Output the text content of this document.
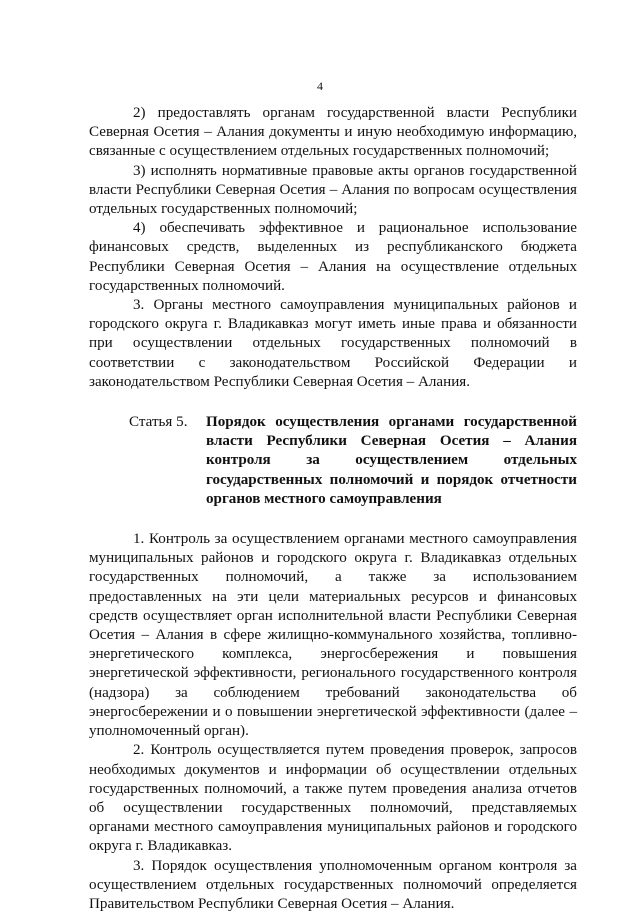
4

2) предоставлять органам государственной власти Республики Северная Осетия – Алания документы и иную необходимую информацию, связанные с осуществлением отдельных государственных полномочий;

3) исполнять нормативные правовые акты органов государственной власти Республики Северная Осетия – Алания по вопросам осуществления отдельных государственных полномочий;

4) обеспечивать эффективное и рациональное использование финансовых средств, выделенных из республиканского бюджета Республики Северная Осетия – Алания на осуществление отдельных государственных полномочий.

3. Органы местного самоуправления муниципальных районов и городского округа г. Владикавказ могут иметь иные права и обязанности при осуществлении отдельных государственных полномочий в соответствии с законодательством Российской Федерации и законодательством Республики Северная Осетия – Алания.

Статья 5.	Порядок осуществления органами государственной власти Республики Северная Осетия – Алания контроля за осуществлением отдельных государственных полномочий и порядок отчетности органов местного самоуправления

1. Контроль за осуществлением органами местного самоуправления муниципальных районов и городского округа г. Владикавказ отдельных государственных полномочий, а также за использованием предоставленных на эти цели материальных ресурсов и финансовых средств осуществляет орган исполнительной власти Республики Северная Осетия – Алания в сфере жилищно-коммунального хозяйства, топливно-энергетического комплекса, энергосбережения и повышения энергетической эффективности, регионального государственного контроля (надзора) за соблюдением требований законодательства об энергосбережении и о повышении энергетической эффективности (далее – уполномоченный орган).

2. Контроль осуществляется путем проведения проверок, запросов необходимых документов и информации об осуществлении отдельных государственных полномочий, а также путем проведения анализа отчетов об осуществлении государственных полномочий, представляемых органами местного самоуправления муниципальных районов и городского округа г. Владикавказ.

3. Порядок осуществления уполномоченным органом контроля за осуществлением отдельных государственных полномочий определяется Правительством Республики Северная Осетия – Алания.
